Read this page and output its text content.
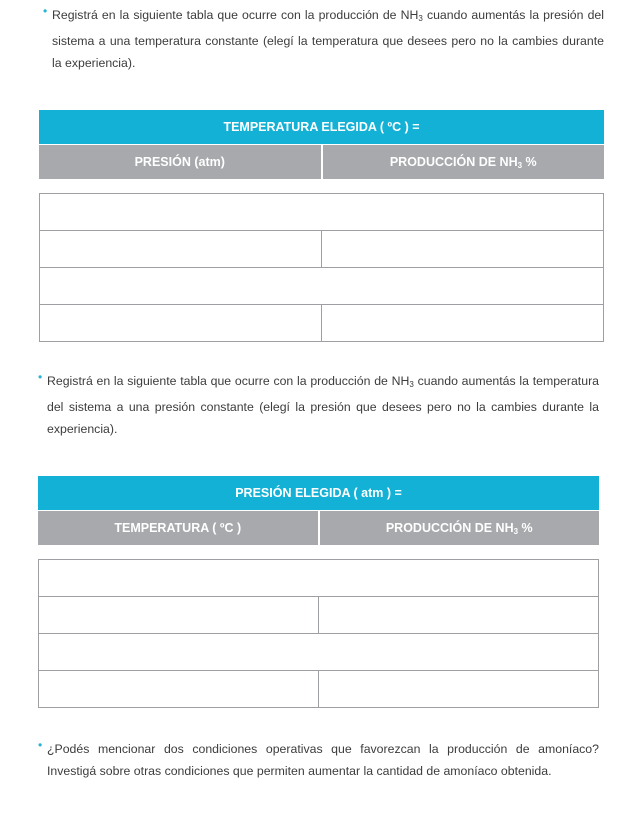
• Registrá en la siguiente tabla que ocurre con la producción de $NH_3$ cuando aumentás la presión del sistema a una temperatura constante (elegí la temperatura que desees pero no la cambies durante la experiencia).

TEMPERATURA ELEGIDA ( ºC ) =
PRESIÓN (atm)	PRODUCCIÓN DE $NH_3$ %
• Registrá en la siguiente tabla que ocurre con la producción de $NH_3$ cuando aumentás la temperatura del sistema a una presión constante (elegí la presión que desees pero no la cambies durante la experiencia).

PRESIÓN ELEGIDA ( atm ) =
TEMPERATURA ( ºC )	PRODUCCIÓN DE $NH_3$ %
• ¿Podés mencionar dos condiciones operativas que favorezcan la producción de amoníaco? Investigá sobre otras condiciones que permiten aumentar la cantidad de amoníaco obtenida.
